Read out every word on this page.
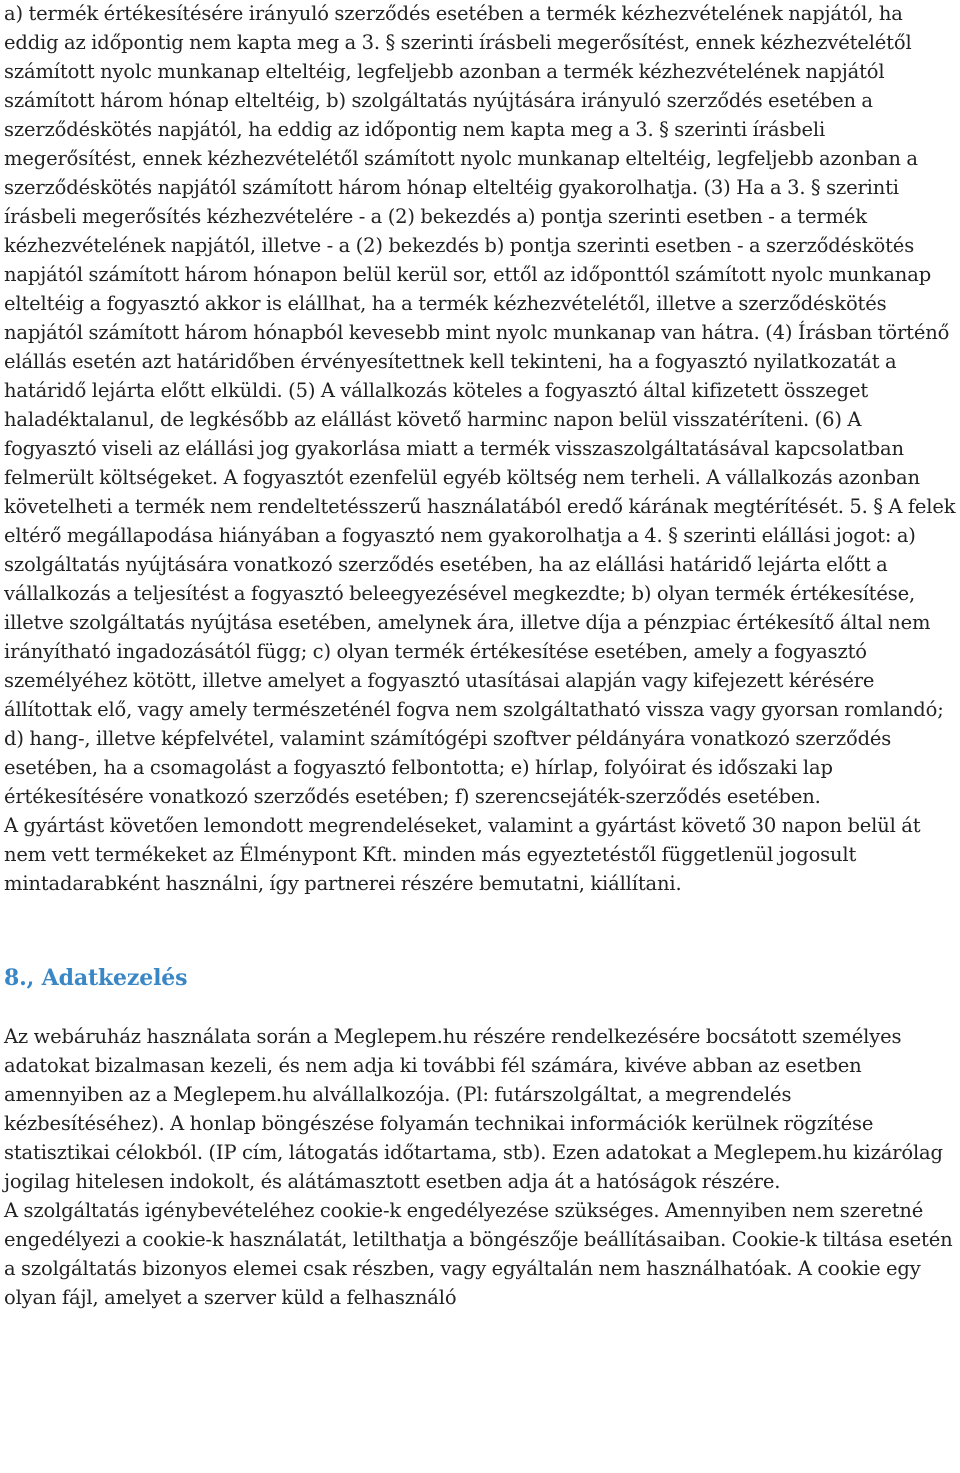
a) termék értékesítésére irányuló szerződés esetében a termék kézhezvételének napjától, ha eddig az időpontig nem kapta meg a 3. § szerinti írásbeli megerősítést, ennek kézhezvételétől számított nyolc munkanap elteltéig, legfeljebb azonban a termék kézhezvételének napjától számított három hónap elteltéig, b) szolgáltatás nyújtására irányuló szerződés esetében a szerződéskötés napjától, ha eddig az időpontig nem kapta meg a 3. § szerinti írásbeli megerősítést, ennek kézhezvételétől számított nyolc munkanap elteltéig, legfeljebb azonban a szerződéskötés napjától számított három hónap elteltéig gyakorolhatja. (3) Ha a 3. § szerinti írásbeli megerősítés kézhezvételére - a (2) bekezdés a) pontja szerinti esetben - a termék kézhezvételének napjától, illetve - a (2) bekezdés b) pontja szerinti esetben - a szerződéskötés napjától számított három hónapon belül kerül sor, ettől az időponttól számított nyolc munkanap elteltéig a fogyasztó akkor is elállhat, ha a termék kézhezvételétől, illetve a szerződéskötés napjától számított három hónapból kevesebb mint nyolc munkanap van hátra. (4) Írásban történő elállás esetén azt határidőben érvényesítettnek kell tekinteni, ha a fogyasztó nyilatkozatát a határidő lejárta előtt elküldi. (5) A vállalkozás köteles a fogyasztó által kifizetett összeget haladéktalanul, de legkésőbb az elállást követő harminc napon belül visszatéríteni. (6) A fogyasztó viseli az elállási jog gyakorlása miatt a termék visszaszolgáltatásával kapcsolatban felmerült költségeket. A fogyasztót ezenfelül egyéb költség nem terheli. A vállalkozás azonban követelheti a termék nem rendeltetésszerű használatából eredő kárának megtérítését. 5. § A felek eltérő megállapodása hiányában a fogyasztó nem gyakorolhatja a 4. § szerinti elállási jogot: a) szolgáltatás nyújtására vonatkozó szerződés esetében, ha az elállási határidő lejárta előtt a vállalkozás a teljesítést a fogyasztó beleegyezésével megkezdte; b) olyan termék értékesítése, illetve szolgáltatás nyújtása esetében, amelynek ára, illetve díja a pénzpiac értékesítő által nem irányítható ingadozásától függ; c) olyan termék értékesítése esetében, amely a fogyasztó személyéhez kötött, illetve amelyet a fogyasztó utasításai alapján vagy kifejezett kérésére állítottak elő, vagy amely természeténél fogva nem szolgáltatható vissza vagy gyorsan romlandó; d) hang-, illetve képfelvétel, valamint számítógépi szoftver példányára vonatkozó szerződés esetében, ha a csomagolást a fogyasztó felbontotta; e) hírlap, folyóirat és időszaki lap értékesítésére vonatkozó szerződés esetében; f) szerencsejáték-szerződés esetében.

A gyártást követően lemondott megrendeléseket, valamint a gyártást követő 30 napon belül át nem vett termékeket az Élménypont Kft. minden más egyeztetéstől függetlenül jogosult mintadarabként használni, így partnerei részére bemutatni, kiállítani.

8., Adatkezelés

Az webáruház használata során a Meglepem.hu részére rendelkezésére bocsátott személyes adatokat bizalmasan kezeli, és nem adja ki további fél számára, kivéve abban az esetben amennyiben az a Meglepem.hu alvállalkozója. (Pl: futárszolgáltat, a megrendelés kézbesítéséhez). A honlap böngészése folyamán technikai információk kerülnek rögzítése statisztikai célokból. (IP cím, látogatás időtartama, stb). Ezen adatokat a Meglepem.hu kizárólag jogilag hitelesen indokolt, és alátámasztott esetben adja át a hatóságok részére.

A szolgáltatás igénybevételéhez cookie-k engedélyezése szükséges. Amennyiben nem szeretné engedélyezi a cookie-k használatát, letilthatja a böngészője beállításaiban. Cookie-k tiltása esetén a szolgáltatás bizonyos elemei csak részben, vagy egyáltalán nem használhatóak. A cookie egy olyan fájl, amelyet a szerver küld a felhasználó
